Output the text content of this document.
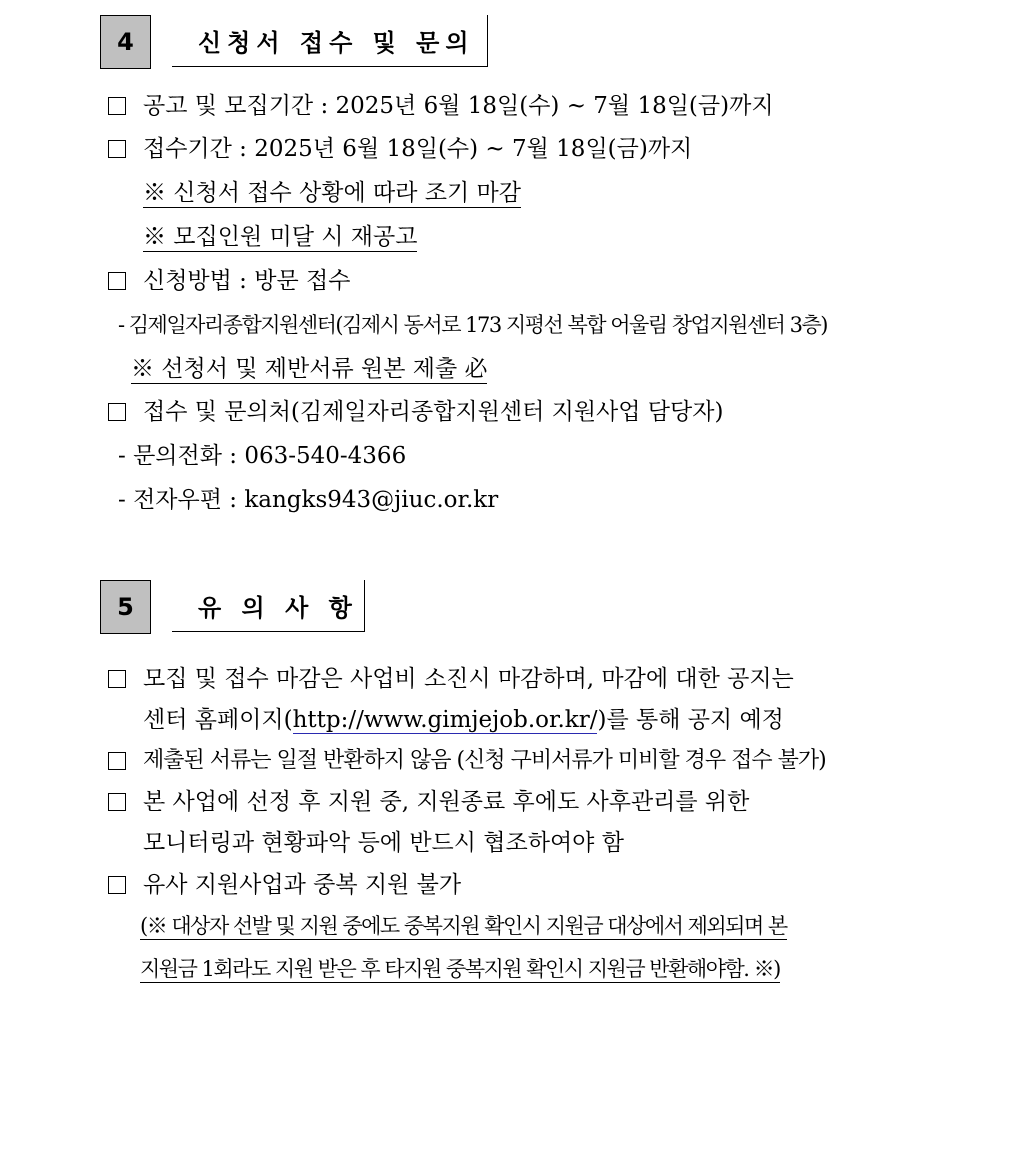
4	신청서 접수 및 문의
공고 및 모집기간 : 2025년 6월 18일(수) ~ 7월 18일(금)까지
접수기간 : 2025년 6월 18일(수) ~ 7월 18일(금)까지
※ 신청서 접수 상황에 따라 조기 마감
※ 모집인원 미달 시 재공고
신청방법 : 방문 접수
- 김제일자리종합지원센터(김제시 동서로 173 지평선 복합 어울림 창업지원센터 3층)
※ 선청서 및 제반서류 원본 제출 必
접수 및 문의처(김제일자리종합지원센터 지원사업 담당자)
- 문의전화 : 063-540-4366
- 전자우편 : kangks943@jiuc.or.kr
5	유 의 사 항
모집 및 접수 마감은 사업비 소진시 마감하며, 마감에 대한 공지는
센터 홈페이지(http://www.gimjejob.or.kr/)를 통해 공지 예정
제출된 서류는 일절 반환하지 않음 (신청 구비서류가 미비할 경우 접수 불가)
본 사업에 선정 후 지원 중, 지원종료 후에도 사후관리를 위한
모니터링과 현황파악 등에 반드시 협조하여야 함
유사 지원사업과 중복 지원 불가
(※ 대상자 선발 및 지원 중에도 중복지원 확인시 지원금 대상에서 제외되며 본
지원금 1회라도 지원 받은 후 타지원 중복지원 확인시 지원금 반환해야함. ※)
